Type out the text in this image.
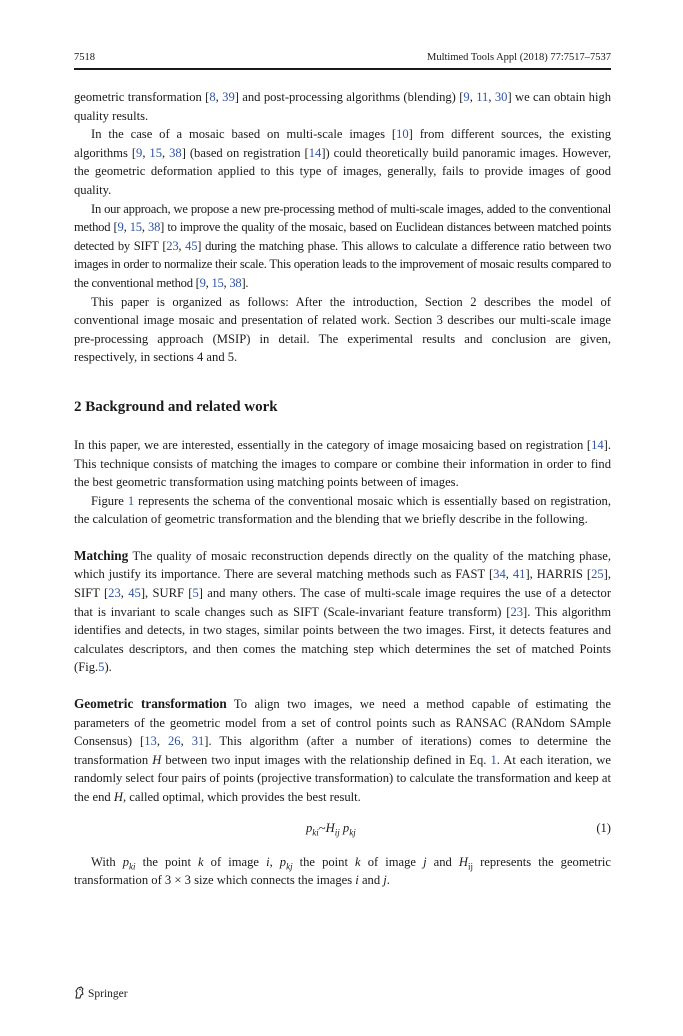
7518	Multimed Tools Appl (2018) 77:7517–7537

geometric transformation [8, 39] and post-processing algorithms (blending) [9, 11, 30] we can obtain high quality results.

In the case of a mosaic based on multi-scale images [10] from different sources, the existing algorithms [9, 15, 38] (based on registration [14]) could theoretically build panoramic images. However, the geometric deformation applied to this type of images, generally, fails to provide images of good quality.

In our approach, we propose a new pre-processing method of multi-scale images, added to the conventional method [9, 15, 38] to improve the quality of the mosaic, based on Euclidean distances between matched points detected by SIFT [23, 45] during the matching phase. This allows to calculate a difference ratio between two images in order to normalize their scale. This operation leads to the improvement of mosaic results compared to the conventional method [9, 15, 38].

This paper is organized as follows: After the introduction, Section 2 describes the model of conventional image mosaic and presentation of related work. Section 3 describes our multi-scale image pre-processing approach (MSIP) in detail. The experimental results and conclusion are given, respectively, in sections 4 and 5.

2 Background and related work

In this paper, we are interested, essentially in the category of image mosaicing based on registration [14]. This technique consists of matching the images to compare or combine their information in order to find the best geometric transformation using matching points between of images.

Figure 1 represents the schema of the conventional mosaic which is essentially based on registration, the calculation of geometric transformation and the blending that we briefly describe in the following.

Matching The quality of mosaic reconstruction depends directly on the quality of the matching phase, which justify its importance. There are several matching methods such as FAST [34, 41], HARRIS [25], SIFT [23, 45], SURF [5] and many others. The case of multi-scale image requires the use of a detector that is invariant to scale changes such as SIFT (Scale-invariant feature transform) [23]. This algorithm identifies and detects, in two stages, similar points between the two images. First, it detects features and calculates descriptors, and then comes the matching step which determines the set of matched Points (Fig.5).

Geometric transformation To align two images, we need a method capable of estimating the parameters of the geometric model from a set of control points such as RANSAC (RANdom SAmple Consensus) [13, 26, 31]. This algorithm (after a number of iterations) comes to determine the transformation H between two input images with the relationship defined in Eq. 1. At each iteration, we randomly select four pairs of points (projective transformation) to calculate the transformation and keep at the end H, called optimal, which provides the best result.

$p_{ki}\sim H_{ij}$ $p_{kj}$	(1)

With $p_{ki}$ the point k of image i, $p_{kj}$ the point k of image j and $H_{ij}$ represents the geometric transformation of 3 × 3 size which connects the images i and j.

Springer
